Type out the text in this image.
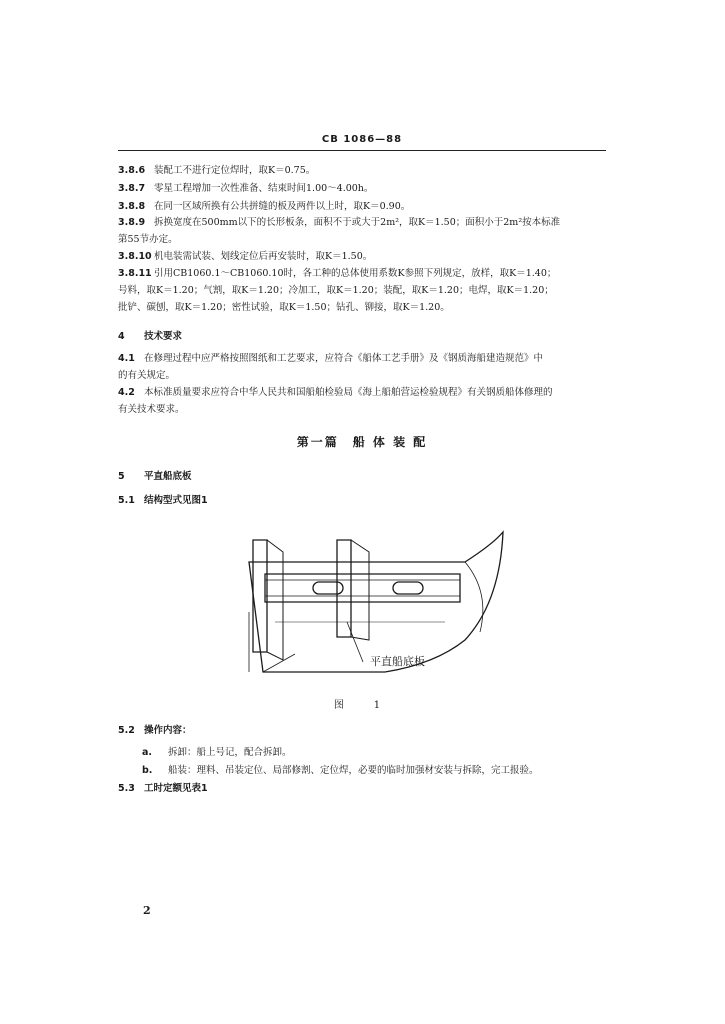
CB 1086—88
3.8.6 装配工不进行定位焊时，取K＝0.75。
3.8.7 零星工程增加一次性准备、结束时间1.00～4.00h。
3.8.8 在同一区域所换有公共拼缝的板及两件以上时，取K＝0.90。
3.8.9 拆换宽度在500mm以下的长形板条，面积不于或大于2m²，取K＝1.50；面积小于2m²按本标准
第55节办定。
3.8.10 机电装需试装、划线定位后再安装时，取K＝1.50。
3.8.11 引用CB1060.1～CB1060.10时，各工种的总体使用系数K参照下列规定，放样，取K＝1.40；
号料，取K＝1.20；气割，取K＝1.20；冷加工，取K＝1.20；装配，取K＝1.20；电焊，取K＝1.20；
批铲、碳刨，取K＝1.20；密性试验，取K＝1.50；钻孔、铆接，取K＝1.20。
4 技术要求
4.1 在修理过程中应严格按照图纸和工艺要求，应符合《船体工艺手册》及《钢质海船建造规范》中
的有关规定。
4.2 本标准质量要求应符合中华人民共和国船舶检验局《海上船舶营运检验规程》有关钢质船体修理的
有关技术要求。
第一篇　船 体 装 配
5 平直船底板
5.1 结构型式见图1
平直船底板
图　1
5.2 操作内容：
a. 拆卸：船上号记，配合拆卸。
b. 船装：理料、吊装定位、局部修割、定位焊，必要的临时加强材安装与拆除，完工报验。
5.3 工时定额见表1
2
